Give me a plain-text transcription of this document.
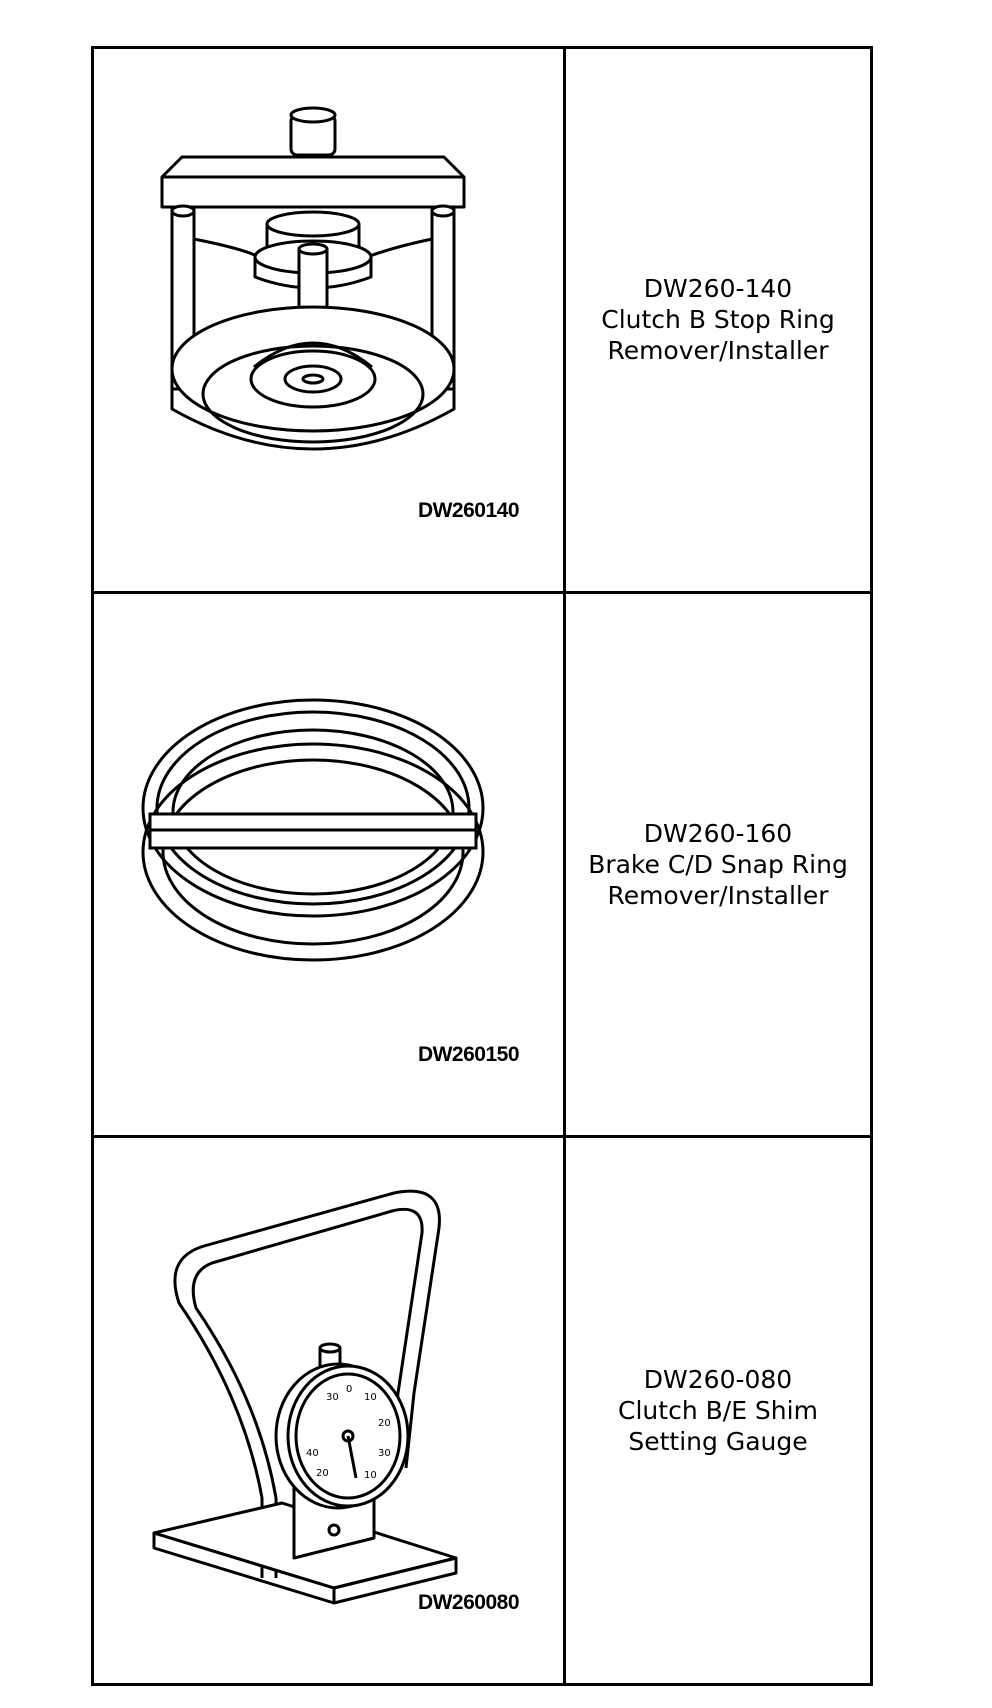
DW260140
DW260-140
Clutch B Stop Ring
Remover/Installer
DW260150
DW260-160
Brake C/D Snap Ring
Remover/Installer
30
0
10
20
30
40
20	10
DW260080
DW260-080
Clutch B/E Shim
Setting Gauge
